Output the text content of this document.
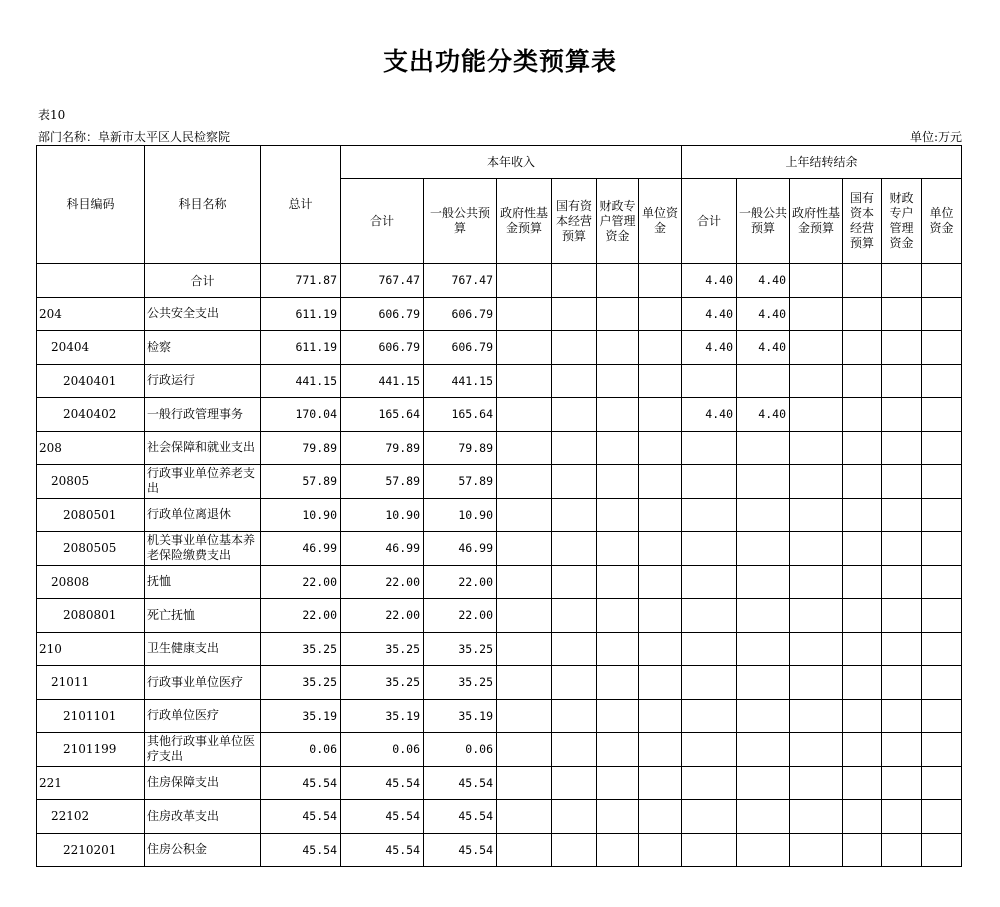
支出功能分类预算表
表10
部门名称：阜新市太平区人民检察院	单位:万元
科目编码	科目名称	总计	本年收入						上年结转结余					
			合计	一般公共预算	政府性基金预算	国有资本经营预算	财政专户管理资金	单位资金	合计	一般公共预算	政府性基金预算	国有资本经营预算	财政专户管理资金	单位资金
	合计	771.87	767.47	767.47					4.40	4.40				
204	公共安全支出	611.19	606.79	606.79					4.40	4.40				
20404	检察	611.19	606.79	606.79					4.40	4.40				
2040401	行政运行	441.15	441.15	441.15										
2040402	一般行政管理事务	170.04	165.64	165.64					4.40	4.40				
208	社会保障和就业支出	79.89	79.89	79.89										
20805	行政事业单位养老支出	57.89	57.89	57.89										
2080501	行政单位离退休	10.90	10.90	10.90										
2080505	机关事业单位基本养老保险缴费支出	46.99	46.99	46.99										
20808	抚恤	22.00	22.00	22.00										
2080801	死亡抚恤	22.00	22.00	22.00										
210	卫生健康支出	35.25	35.25	35.25										
21011	行政事业单位医疗	35.25	35.25	35.25										
2101101	行政单位医疗	35.19	35.19	35.19										
2101199	其他行政事业单位医疗支出	0.06	0.06	0.06										
221	住房保障支出	45.54	45.54	45.54										
22102	住房改革支出	45.54	45.54	45.54										
2210201	住房公积金	45.54	45.54	45.54										
